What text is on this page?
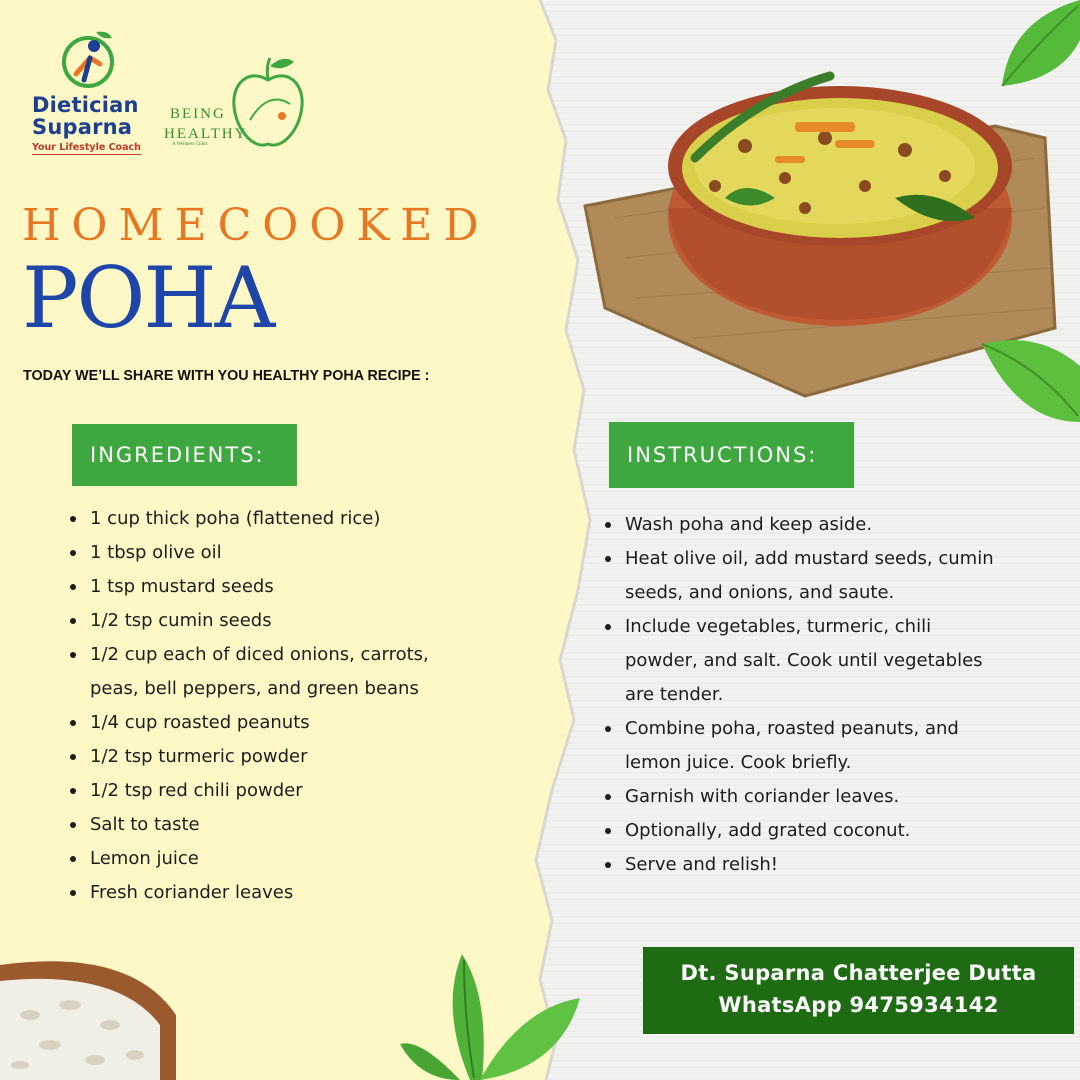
Dietician
Suparna
Your Lifestyle Coach
BEING
HEALTHY
A Wellness Clinic
HOMECOOKED
POHA
TODAY WE’LL SHARE WITH YOU HEALTHY POHA RECIPE :
INGREDIENTS:
1 cup thick poha (flattened rice)
1 tbsp olive oil
1 tsp mustard seeds
1/2 tsp cumin seeds
1/2 cup each of diced onions, carrots, peas, bell peppers, and green beans
1/4 cup roasted peanuts
1/2 tsp turmeric powder
1/2 tsp red chili powder
Salt to taste
Lemon juice
Fresh coriander leaves
INSTRUCTIONS:
Wash poha and keep aside.
Heat olive oil, add mustard seeds, cumin seeds, and onions, and saute.
Include vegetables, turmeric, chili powder, and salt. Cook until vegetables are tender.
Combine poha, roasted peanuts, and lemon juice. Cook briefly.
Garnish with coriander leaves.
Optionally, add grated coconut.
Serve and relish!
Dt. Suparna Chatterjee Dutta
WhatsApp 9475934142
